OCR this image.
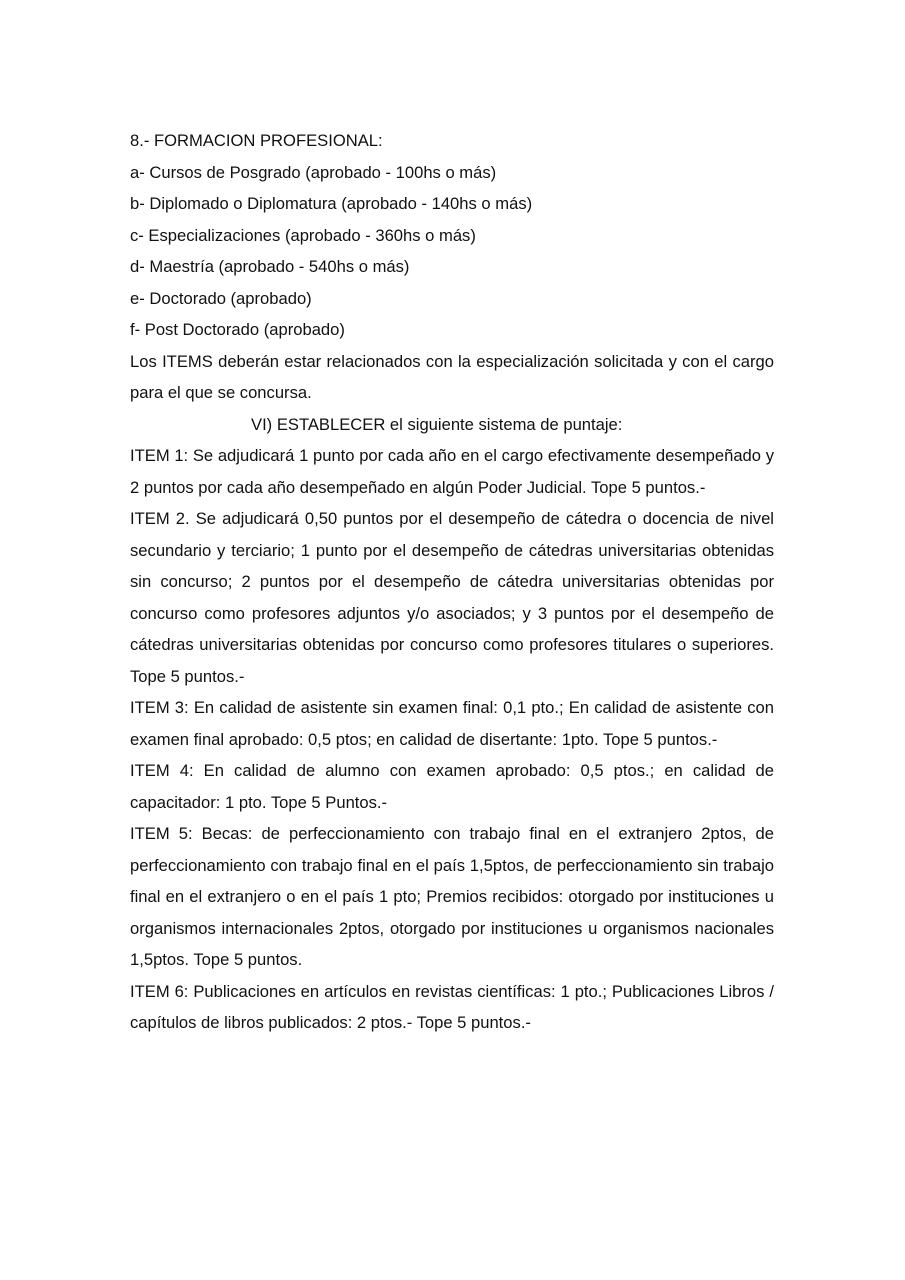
8.- FORMACION PROFESIONAL:

a- Cursos de Posgrado (aprobado - 100hs o más)

b- Diplomado o Diplomatura (aprobado - 140hs o más)

c- Especializaciones (aprobado - 360hs o más)

d- Maestría (aprobado - 540hs o más)

e- Doctorado (aprobado)

f- Post Doctorado (aprobado)

Los ITEMS deberán estar relacionados con la especialización solicitada y con el cargo para el que se concursa.

VI) ESTABLECER el siguiente sistema de puntaje:

ITEM 1: Se adjudicará 1 punto por cada año en el cargo efectivamente desempeñado y 2 puntos por cada año desempeñado en algún Poder Judicial. Tope 5 puntos.-

ITEM 2. Se adjudicará 0,50 puntos por el desempeño de cátedra o docencia de nivel secundario y terciario; 1 punto por el desempeño de cátedras universitarias obtenidas sin concurso; 2 puntos por el desempeño de cátedra universitarias obtenidas por concurso como profesores adjuntos y/o asociados; y 3 puntos por el desempeño de cátedras universitarias obtenidas por concurso como profesores titulares o superiores. Tope 5 puntos.-

ITEM 3: En calidad de asistente sin examen final: 0,1 pto.; En calidad de asistente con examen final aprobado: 0,5 ptos; en calidad de disertante: 1pto. Tope 5 puntos.-

ITEM 4: En calidad de alumno con examen aprobado: 0,5 ptos.; en calidad de capacitador: 1 pto. Tope 5 Puntos.-

ITEM 5: Becas: de perfeccionamiento con trabajo final en el extranjero 2ptos, de perfeccionamiento con trabajo final en el país 1,5ptos, de perfeccionamiento sin trabajo final en el extranjero o en el país 1 pto; Premios recibidos: otorgado por instituciones u organismos internacionales 2ptos, otorgado por instituciones u organismos nacionales 1,5ptos. Tope 5 puntos.

ITEM 6: Publicaciones en artículos en revistas científicas: 1 pto.; Publicaciones Libros / capítulos de libros publicados: 2 ptos.- Tope 5 puntos.-
